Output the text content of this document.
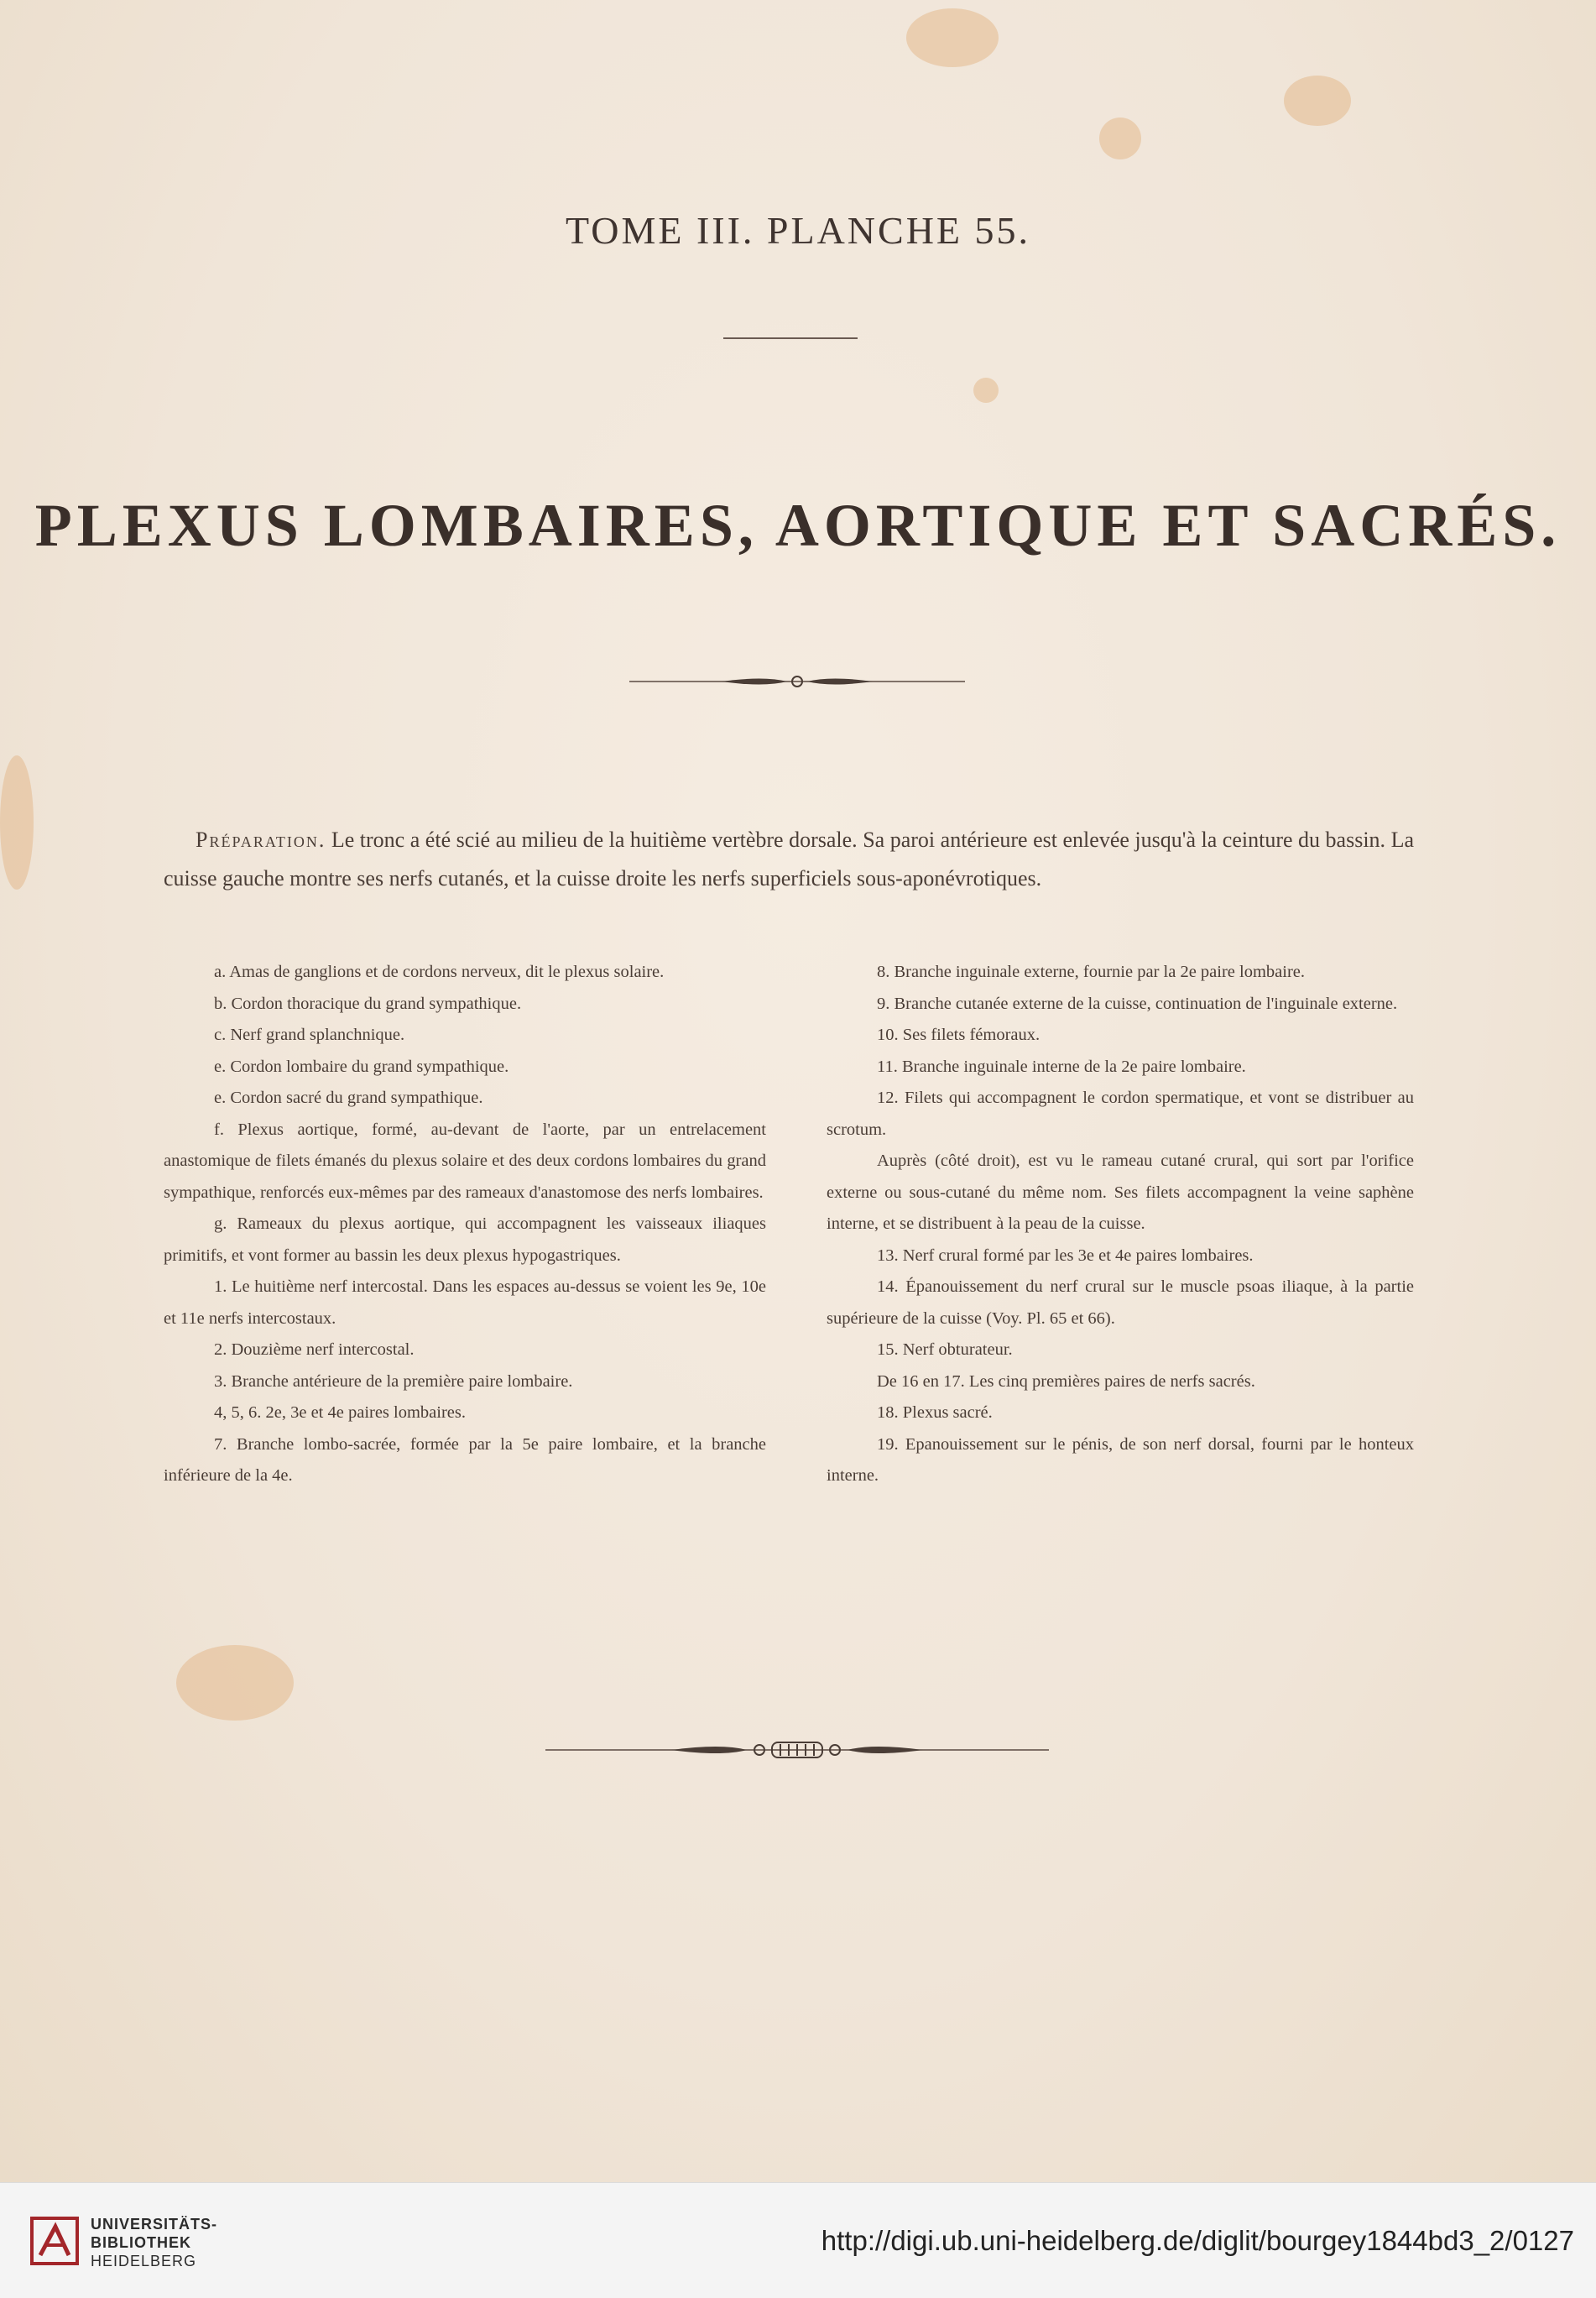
TOME III. PLANCHE 55.
PLEXUS LOMBAIRES, AORTIQUE ET SACRÉS.
Préparation. Le tronc a été scié au milieu de la huitième vertèbre dorsale. Sa paroi antérieure est enlevée jusqu'à la ceinture du bassin. La cuisse gauche montre ses nerfs cutanés, et la cuisse droite les nerfs superficiels sous-aponévrotiques.

a. Amas de ganglions et de cordons nerveux, dit le plexus solaire.

b. Cordon thoracique du grand sympathique.

c. Nerf grand splanchnique.

e. Cordon lombaire du grand sympathique.

e. Cordon sacré du grand sympathique.

f. Plexus aortique, formé, au-devant de l'aorte, par un entrelacement anastomique de filets émanés du plexus solaire et des deux cordons lombaires du grand sympathique, renforcés eux-mêmes par des rameaux d'anastomose des nerfs lombaires.

g. Rameaux du plexus aortique, qui accompagnent les vaisseaux iliaques primitifs, et vont former au bassin les deux plexus hypogastriques.

1. Le huitième nerf intercostal. Dans les espaces au-dessus se voient les 9e, 10e et 11e nerfs intercostaux.

2. Douzième nerf intercostal.

3. Branche antérieure de la première paire lombaire.

4, 5, 6. 2e, 3e et 4e paires lombaires.

7. Branche lombo-sacrée, formée par la 5e paire lombaire, et la branche inférieure de la 4e.

8. Branche inguinale externe, fournie par la 2e paire lombaire.

9. Branche cutanée externe de la cuisse, continuation de l'inguinale externe.

10. Ses filets fémoraux.

11. Branche inguinale interne de la 2e paire lombaire.

12. Filets qui accompagnent le cordon spermatique, et vont se distribuer au scrotum.

Auprès (côté droit), est vu le rameau cutané crural, qui sort par l'orifice externe ou sous-cutané du même nom. Ses filets accompagnent la veine saphène interne, et se distribuent à la peau de la cuisse.

13. Nerf crural formé par les 3e et 4e paires lombaires.

14. Épanouissement du nerf crural sur le muscle psoas iliaque, à la partie supérieure de la cuisse (Voy. Pl. 65 et 66).

15. Nerf obturateur.

De 16 en 17. Les cinq premières paires de nerfs sacrés.

18. Plexus sacré.

19. Epanouissement sur le pénis, de son nerf dorsal, fourni par le honteux interne.

UNIVERSITÄTS-
BIBLIOTHEK
HEIDELBERG
http://digi.ub.uni-heidelberg.de/diglit/bourgey1844bd3_2/0127
